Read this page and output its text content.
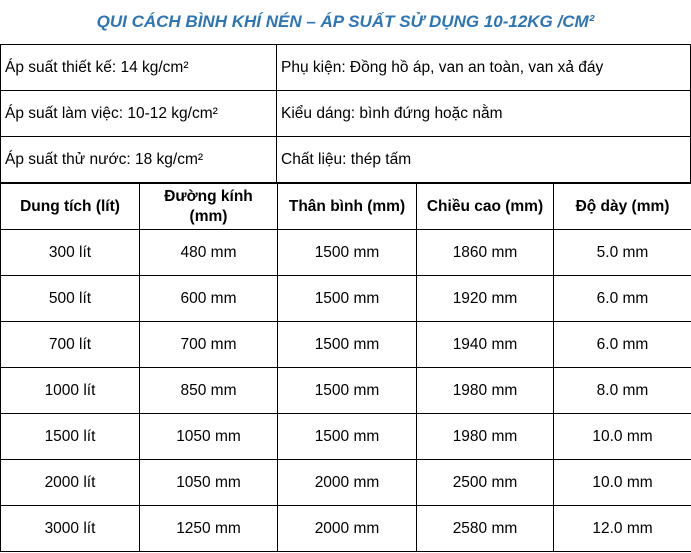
QUI CÁCH BÌNH KHÍ NÉN – ÁP SUẤT SỬ DỤNG 10-12KG /CM²
Áp suất thiết kế: 14 kg/cm²	Phụ kiện: Đồng hồ áp, van an toàn, van xả đáy
Áp suất làm việc: 10-12 kg/cm²	Kiểu dáng: bình đứng hoặc nằm
Áp suất thử nước: 18 kg/cm²	Chất liệu: thép tấm
Dung tích (lít)	Đường kính (mm)	Thân bình (mm)	Chiều cao (mm)	Độ dày (mm)
300 lít	480 mm	1500 mm	1860 mm	5.0 mm
500 lít	600 mm	1500 mm	1920 mm	6.0 mm
700 lít	700 mm	1500 mm	1940 mm	6.0 mm
1000 lít	850 mm	1500 mm	1980 mm	8.0 mm
1500 lít	1050 mm	1500 mm	1980 mm	10.0 mm
2000 lít	1050 mm	2000 mm	2500 mm	10.0 mm
3000 lít	1250 mm	2000 mm	2580 mm	12.0 mm
